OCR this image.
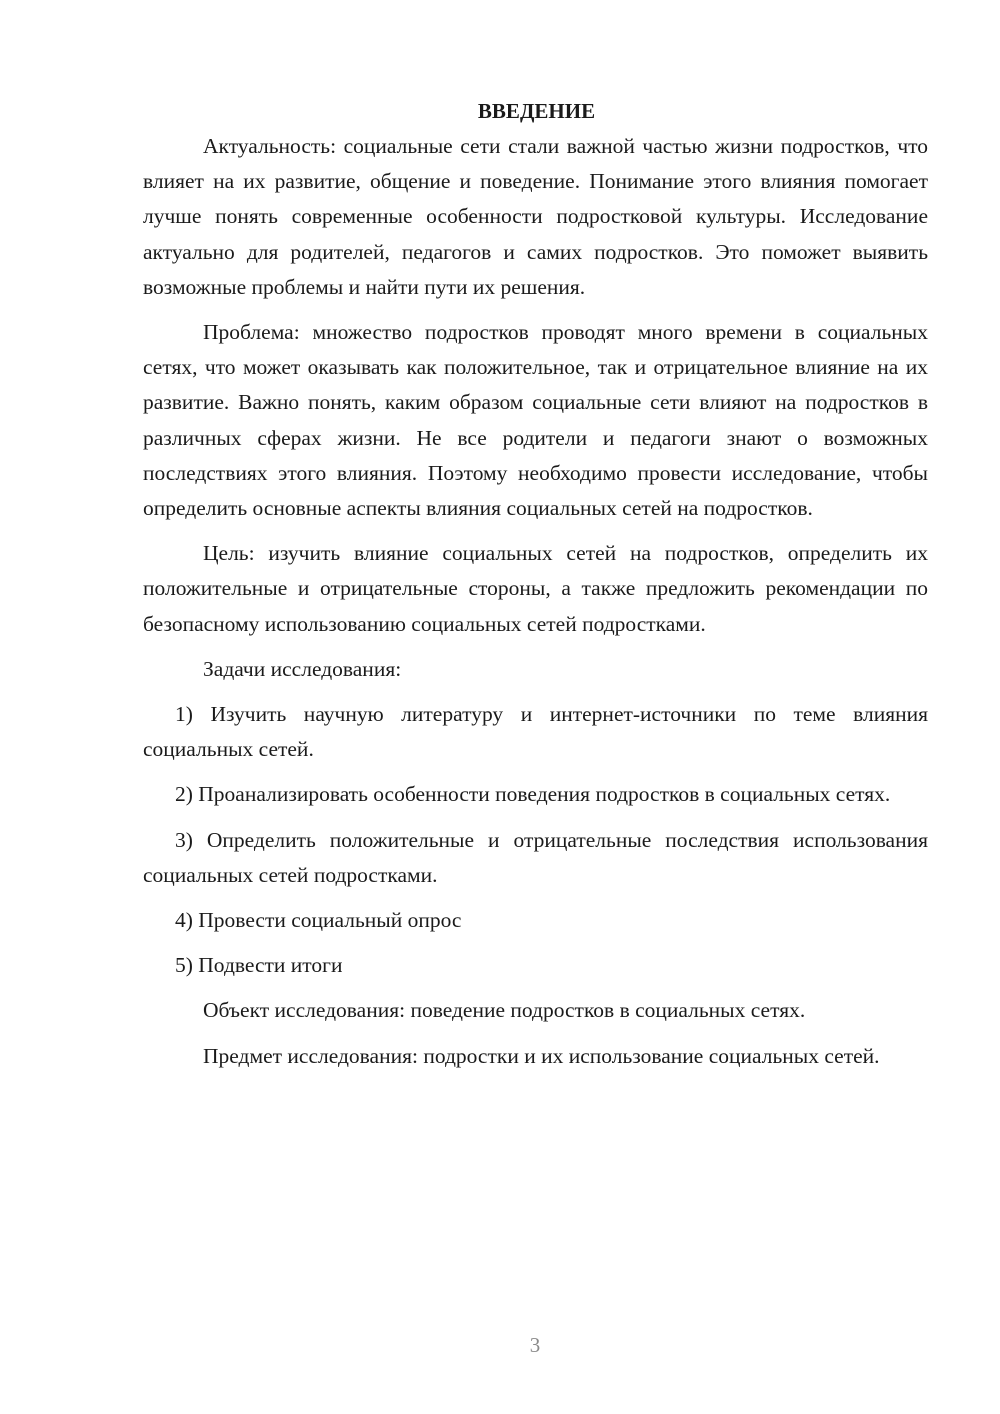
ВВЕДЕНИЕ

Актуальность: социальные сети стали важной частью жизни подростков, что влияет на их развитие, общение и поведение. Понимание этого влияния помогает лучше понять современные особенности подростковой культуры. Исследование актуально для родителей, педагогов и самих подростков. Это поможет выявить возможные проблемы и найти пути их решения.

Проблема: множество подростков проводят много времени в социальных сетях, что может оказывать как положительное, так и отрицательное влияние на их развитие. Важно понять, каким образом социальные сети влияют на подростков в различных сферах жизни. Не все родители и педагоги знают о возможных последствиях этого влияния. Поэтому необходимо провести исследование, чтобы определить основные аспекты влияния социальных сетей на подростков.

Цель: изучить влияние социальных сетей на подростков, определить их положительные и отрицательные стороны, а также предложить рекомендации по безопасному использованию социальных сетей подростками.

Задачи исследования:

1) Изучить научную литературу и интернет-источники по теме влияния социальных сетей.

2) Проанализировать особенности поведения подростков в социальных сетях.

3) Определить положительные и отрицательные последствия использования социальных сетей подростками.

4) Провести социальный опрос

5) Подвести итоги

Объект исследования: поведение подростков в социальных сетях.

Предмет исследования: подростки и их использование социальных сетей.

3
